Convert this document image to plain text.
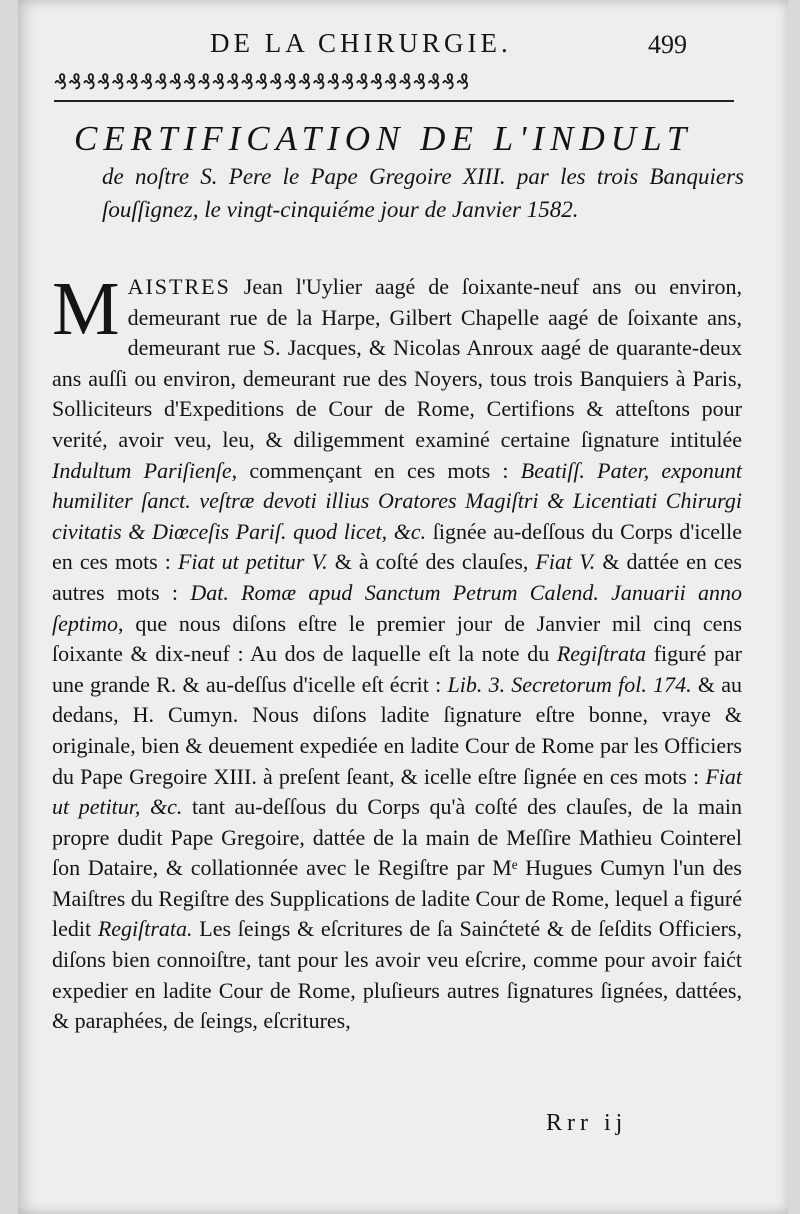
DE LA CHIRURGIE.	499
₰₰₰₰₰₰₰₰₰₰₰₰₰₰₰₰₰₰₰₰₰₰₰₰₰₰₰₰₰
CERTIFICATION DE L'INDULT
de noſtre S. Pere le Pape Gregoire XIII. par les trois Banquiers ſouſſignez, le vingt-cinquiéme jour de Janvier 1582.
MAISTRES Jean l'Uylier aagé de ſoixante-neuf ans ou environ, demeurant rue de la Harpe, Gilbert Chapelle aagé de ſoixante ans, demeurant rue S. Jacques, & Nicolas Anroux aagé de quarante-deux ans auſſi ou environ, demeurant rue des Noyers, tous trois Banquiers à Paris, Solliciteurs d'Expeditions de Cour de Rome, Certifions & atteſtons pour verité, avoir veu, leu, & diligemment examiné certaine ſignature intitulée Indultum Pariſienſe, commençant en ces mots : Beatiſſ. Pater, exponunt humiliter ſanct. veſtræ devoti illius Oratores Magiſtri & Licentiati Chirurgi civitatis & Diœceſis Pariſ. quod licet, &c. ſignée au-deſſous du Corps d'icelle en ces mots : Fiat ut petitur V. & à coſté des clauſes, Fiat V. & dattée en ces autres mots : Dat. Romæ apud Sanctum Petrum Calend. Januarii anno ſeptimo, que nous diſons eſtre le premier jour de Janvier mil cinq cens ſoixante & dix-neuf : Au dos de laquelle eſt la note du Regiſtrata figuré par une grande R. & au-deſſus d'icelle eſt écrit : Lib. 3. Secretorum fol. 174. & au dedans, H. Cumyn. Nous diſons ladite ſignature eſtre bonne, vraye & originale, bien & deuement expediée en ladite Cour de Rome par les Officiers du Pape Gregoire XIII. à preſent ſeant, & icelle eſtre ſignée en ces mots : Fiat ut petitur, &c. tant au-deſſous du Corps qu'à coſté des clauſes, de la main propre dudit Pape Gregoire, dattée de la main de Meſſire Mathieu Cointerel ſon Dataire, & collationnée avec le Regiſtre par Mᵉ Hugues Cumyn l'un des Maiſtres du Regiſtre des Supplications de ladite Cour de Rome, lequel a figuré ledit Regiſtrata. Les ſeings & eſcritures de ſa Sainćteté & de ſeſdits Officiers, diſons bien connoiſtre, tant pour les avoir veu eſcrire, comme pour avoir faićt expedier en ladite Cour de Rome, pluſieurs autres ſignatures ſignées, dattées, & paraphées, de ſeings, eſcritures,
Rrr ij
